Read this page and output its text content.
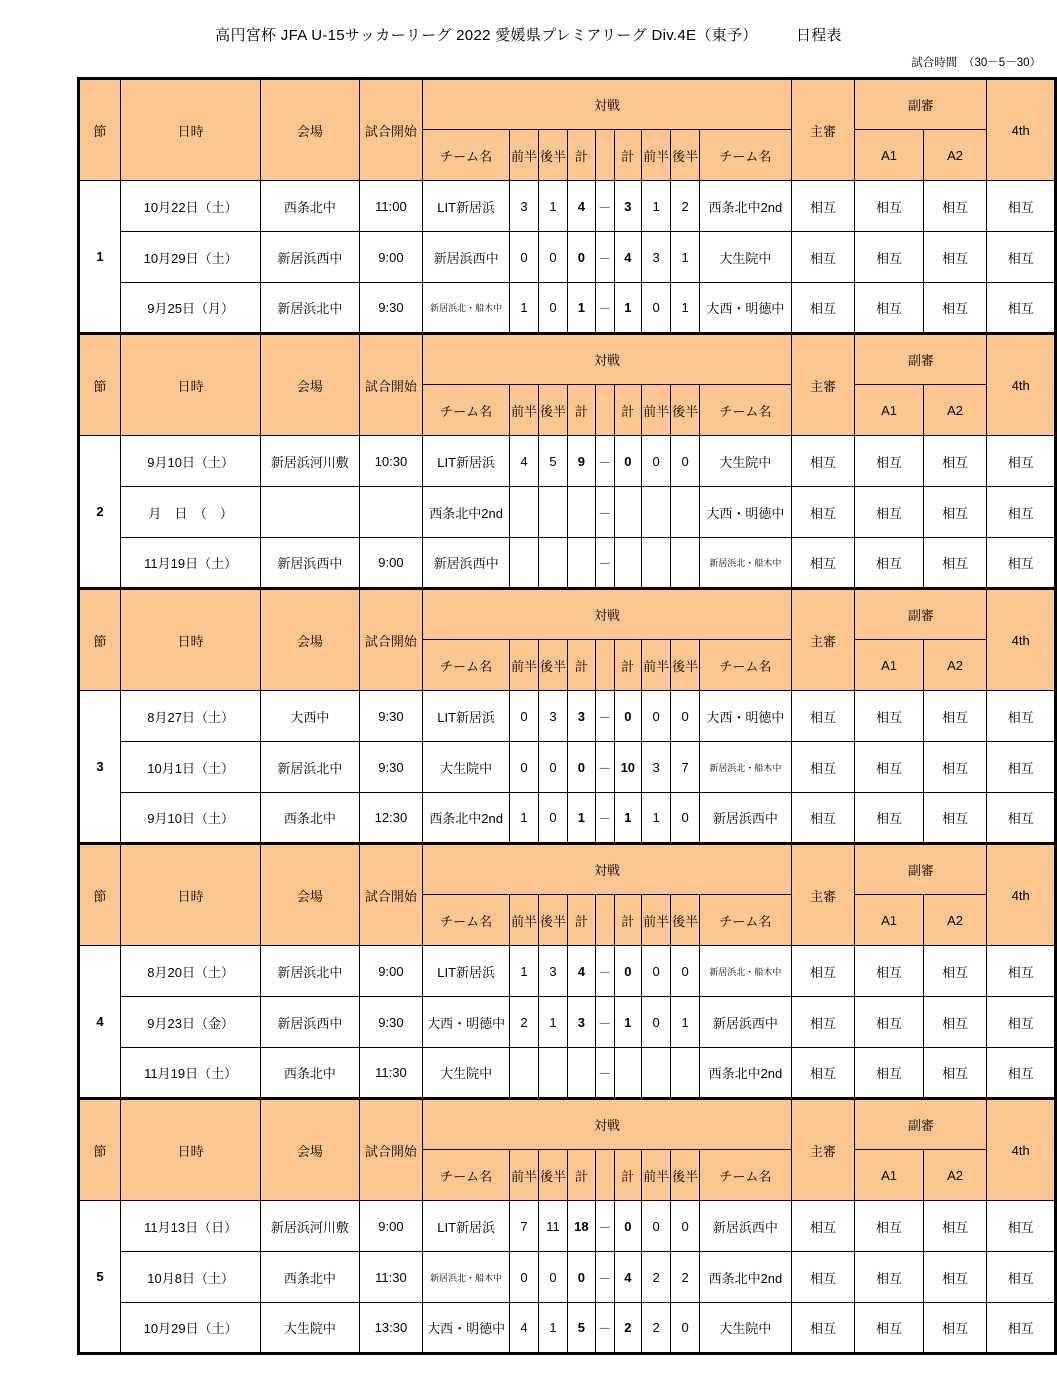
高円宮杯 JFA U-15サッカーリーグ 2022 愛媛県プレミアリーグ Div.4E（東予）　　　日程表
試合時間　（30－5－30）
節	日時	会場	試合開始	対戦									主審	副審		4th
				チーム名	前半	後半	計		計	前半	後半	チーム名		A1	A2	
1	10月22日（土）	西条北中	11:00	LIT新居浜	3	1	4	－	3	1	2	西条北中2nd	相互	相互	相互	相互
	10月29日（土）	新居浜西中	9:00	新居浜西中	0	0	0	－	4	3	1	大生院中	相互	相互	相互	相互
	9月25日（月）	新居浜北中	9:30	新居浜北・船木中	1	0	1	－	1	0	1	大西・明徳中	相互	相互	相互	相互
節	日時	会場	試合開始	対戦									主審	副審		4th
				チーム名	前半	後半	計		計	前半	後半	チーム名		A1	A2	
2	9月10日（土）	新居浜河川敷	10:30	LIT新居浜	4	5	9	－	0	0	0	大生院中	相互	相互	相互	相互
	月　日　（　）			西条北中2nd				－				大西・明徳中	相互	相互	相互	相互
	11月19日（土）	新居浜西中	9:00	新居浜西中				－				新居浜北・船木中	相互	相互	相互	相互
節	日時	会場	試合開始	対戦									主審	副審		4th
				チーム名	前半	後半	計		計	前半	後半	チーム名		A1	A2	
3	8月27日（土）	大西中	9:30	LIT新居浜	0	3	3	－	0	0	0	大西・明徳中	相互	相互	相互	相互
	10月1日（土）	新居浜北中	9:30	大生院中	0	0	0	－	10	3	7	新居浜北・船木中	相互	相互	相互	相互
	9月10日（土）	西条北中	12:30	西条北中2nd	1	0	1	－	1	1	0	新居浜西中	相互	相互	相互	相互
節	日時	会場	試合開始	対戦									主審	副審		4th
				チーム名	前半	後半	計		計	前半	後半	チーム名		A1	A2	
4	8月20日（土）	新居浜北中	9:00	LIT新居浜	1	3	4	－	0	0	0	新居浜北・船木中	相互	相互	相互	相互
	9月23日（金）	新居浜西中	9:30	大西・明徳中	2	1	3	－	1	0	1	新居浜西中	相互	相互	相互	相互
	11月19日（土）	西条北中	11:30	大生院中				－				西条北中2nd	相互	相互	相互	相互
節	日時	会場	試合開始	対戦									主審	副審		4th
				チーム名	前半	後半	計		計	前半	後半	チーム名		A1	A2	
5	11月13日（日）	新居浜河川敷	9:00	LIT新居浜	7	11	18	－	0	0	0	新居浜西中	相互	相互	相互	相互
	10月8日（土）	西条北中	11:30	新居浜北・船木中	0	0	0	－	4	2	2	西条北中2nd	相互	相互	相互	相互
	10月29日（土）	大生院中	13:30	大西・明徳中	4	1	5	－	2	2	0	大生院中	相互	相互	相互	相互
